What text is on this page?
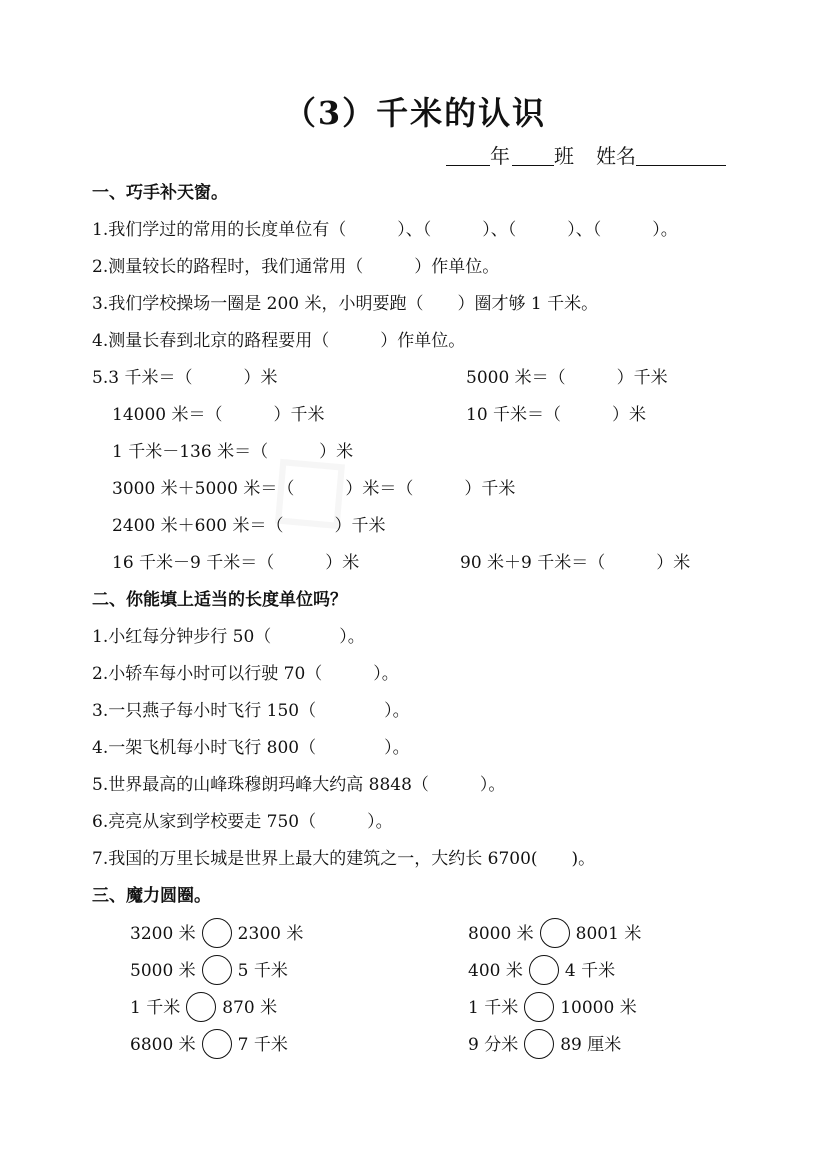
（3）千米的认识
年 班 姓名
一、巧手补天窗。
1.我们学过的常用的长度单位有（　　　）、（　　　）、（　　　）、（　　　）。
2.测量较长的路程时，我们通常用（　　　）作单位。
3.我们学校操场一圈是 200 米，小明要跑（　　）圈才够 1 千米。
4.测量长春到北京的路程要用（　　　）作单位。
5.3 千米＝（　　　）米	5000 米＝（　　　）千米
14000 米＝（　　　）千米	10 千米＝（　　　）米
1 千米－136 米＝（　　　）米
3000 米＋5000 米＝（　　　）米＝（　　　）千米
2400 米＋600 米＝（　　　）千米
16 千米－9 千米＝（　　　）米	90 米＋9 千米＝（　　　）米
二、你能填上适当的长度单位吗？
1.小红每分钟步行 50（　　　　）。
2.小轿车每小时可以行驶 70（　　　）。
3.一只燕子每小时飞行 150（　　　　）。
4.一架飞机每小时飞行 800（　　　　）。
5.世界最高的山峰珠穆朗玛峰大约高 8848（　　　）。
6.亮亮从家到学校要走 750（　　　）。
7.我国的万里长城是世界上最大的建筑之一，大约长 6700(　　)。
三、魔力圆圈。
3200 米 2300 米	8000 米 8001 米
5000 米 5 千米	400 米 4 千米
1 千米 870 米	1 千米 10000 米
6800 米 7 千米	9 分米 89 厘米
